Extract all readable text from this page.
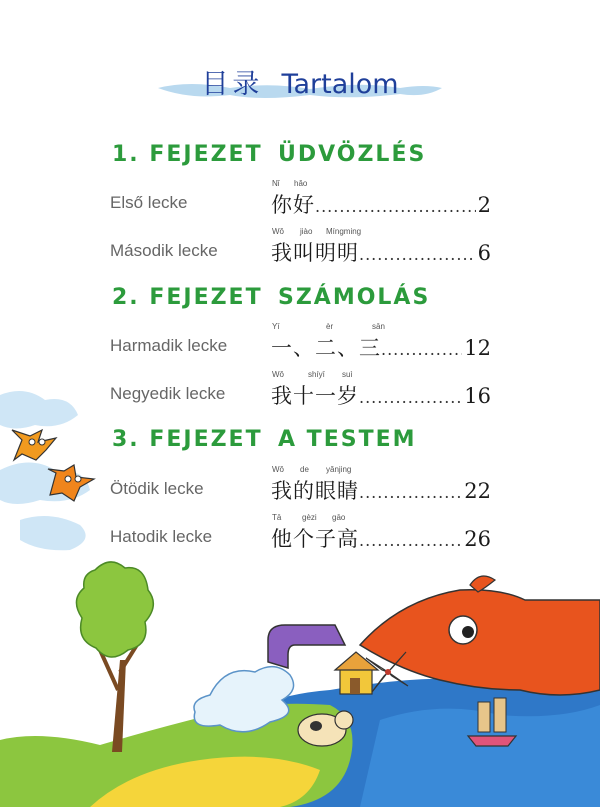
目录 Tartalom
1. FEJEZET ÜDVÖZLÉS
2. FEJEZET SZÁMOLÁS
3. FEJEZET A TESTEM
Első lecke
Nǐ hǎo
你好 .....	2
Második lecke
Wǒ jiào Míngming
我叫明明 .....	6
Harmadik lecke
Yī	èr	sān
一、二、三 .....	12
Negyedik lecke
Wǒ	shíyī suì
我十一岁 .....	16
Ötödik lecke
Wǒ de yǎnjing
我的眼睛 .....	22
Hatodik lecke
Tā	gèzi gāo
他个子高 .....	26
